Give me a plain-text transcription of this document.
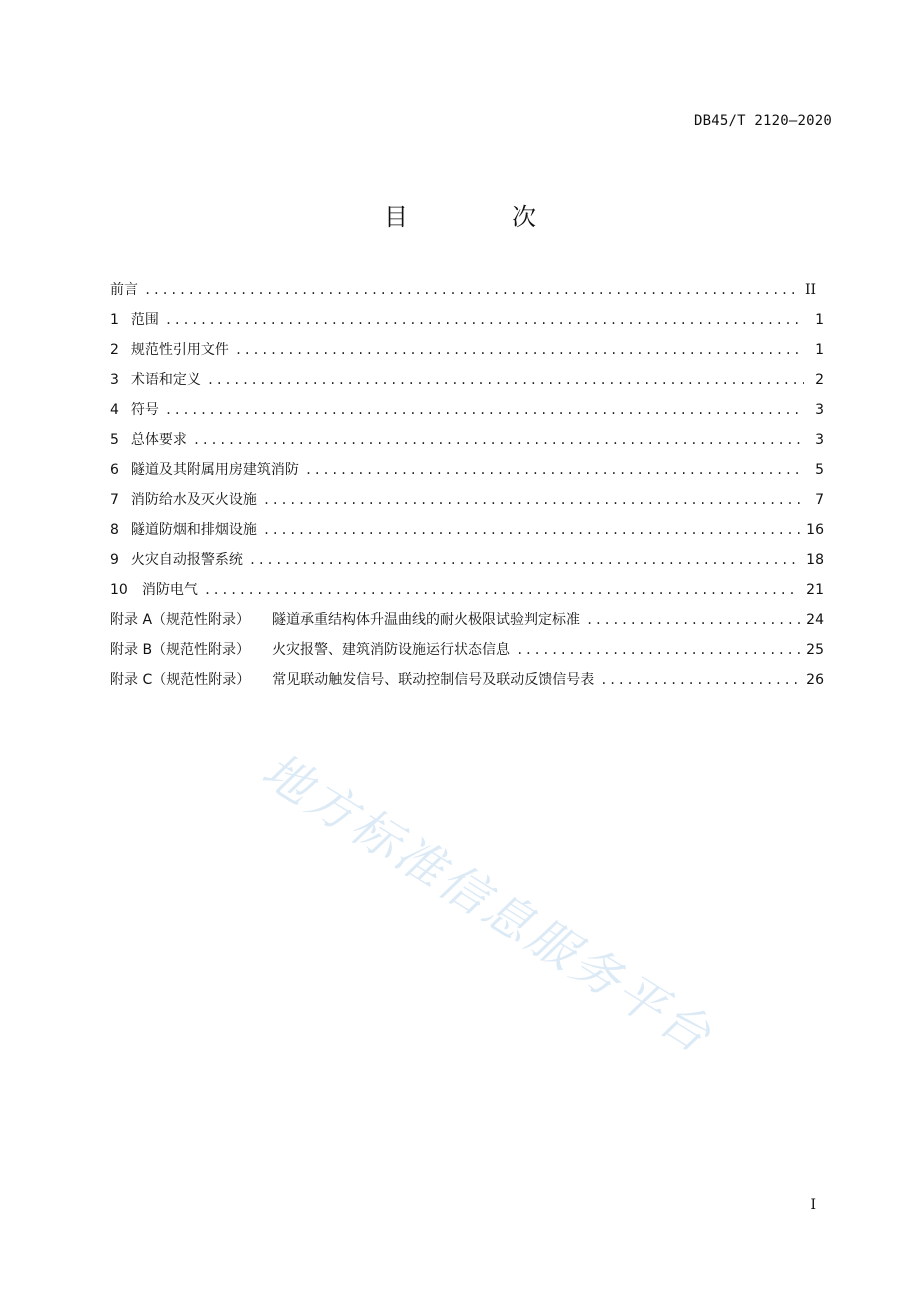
DB45/T 2120—2020
目　次
前言 .....	II
1 范围 .....	1
2 规范性引用文件 .....	1
3 术语和定义 .....	2
4 符号 .....	3
5 总体要求 .....	3
6 隧道及其附属用房建筑消防 .....	5
7 消防给水及灭火设施 .....	7
8 隧道防烟和排烟设施 .....	16
9 火灾自动报警系统 .....	18
10	消防电气 .....	21
附录 A（规范性附录）	隧道承重结构体升温曲线的耐火极限试验判定标准 .....	24
附录 B（规范性附录）	火灾报警、建筑消防设施运行状态信息 .....	25
附录 C（规范性附录）	常见联动触发信号、联动控制信号及联动反馈信号表 .....	26
地方标准信息服务平台
I
